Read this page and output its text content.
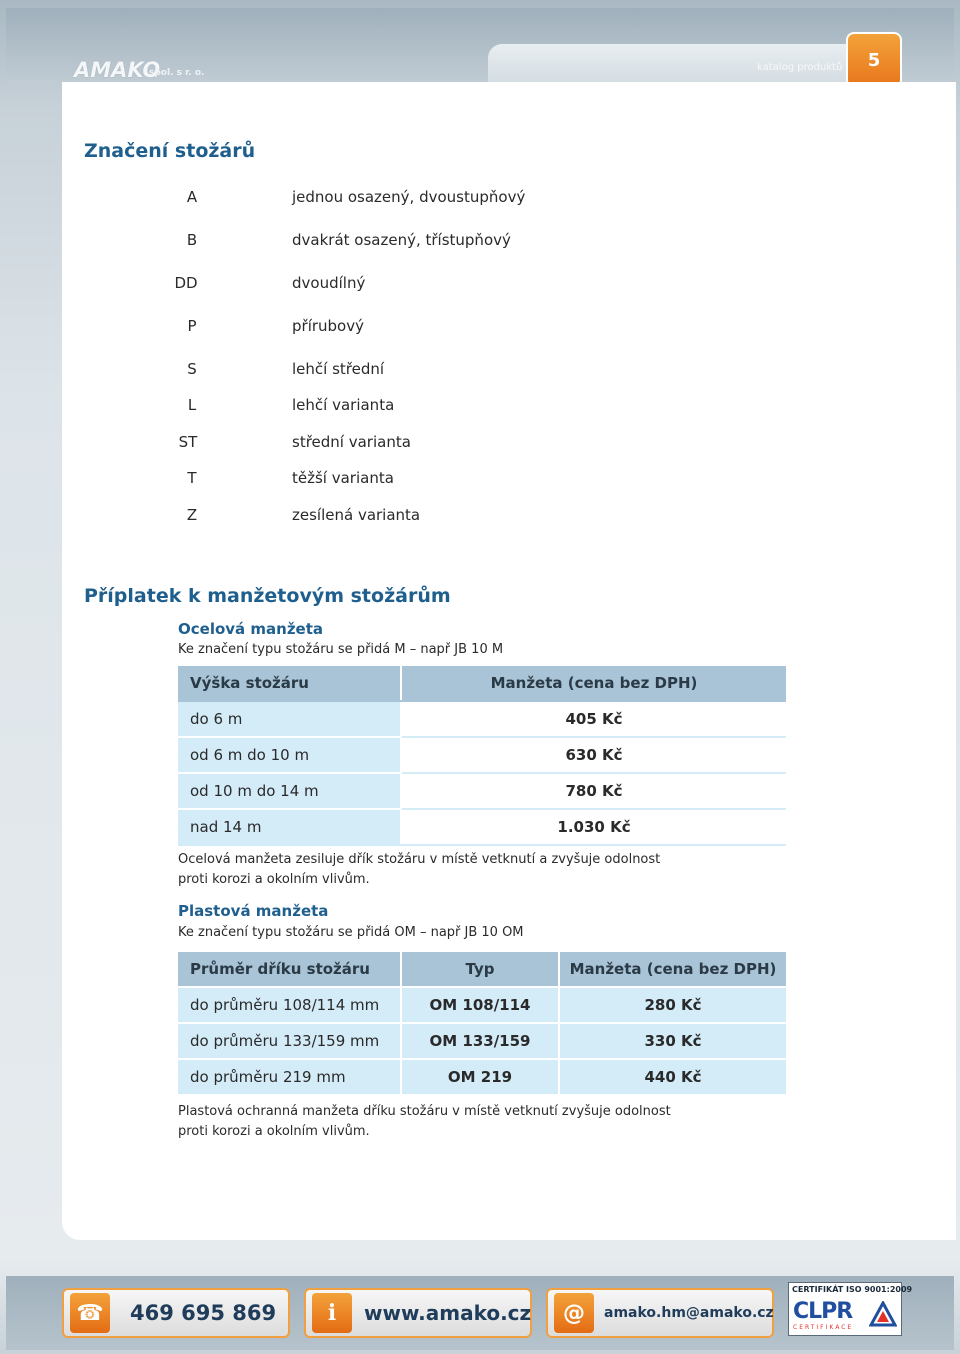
AMAKO
spol. s r. o.	katalog produktů	5
Značení stožárů
A	jednou osazený, dvoustupňový
B	dvakrát osazený, třístupňový
DD	dvoudílný
P	přírubový
S	lehčí střední
L	lehčí varianta
ST	střední varianta
T	těžší varianta
Z	zesílená varianta
Příplatek k manžetovým stožárům
Ocelová manžeta
Ke značení typu stožáru se přidá M – např JB 10 M
Výška stožáru	Manžeta (cena bez DPH)
do 6 m	405 Kč
od 6 m do 10 m	630 Kč
od 10 m do 14 m	780 Kč
nad 14 m	1.030 Kč
Ocelová manžeta zesiluje dřík stožáru v místě vetknutí a zvyšuje odolnost
proti korozi a okolním vlivům.
Plastová manžeta
Ke značení typu stožáru se přidá OM – např JB 10 OM
Průměr dříku stožáru	Typ	Manžeta (cena bez DPH)
do průměru 108/114 mm	OM 108/114	280 Kč
do průměru 133/159 mm	OM 133/159	330 Kč
do průměru 219 mm	OM 219	440 Kč
Plastová ochranná manžeta dříku stožáru v místě vetknutí zvyšuje odolnost
proti korozi a okolním vlivům.
☎ 469 695 869	i	www.amako.cz	@	amako.hm@amako.cz
CERTIFIKÁT ISO 9001:2009
CLPR
CERTIFIKACE
